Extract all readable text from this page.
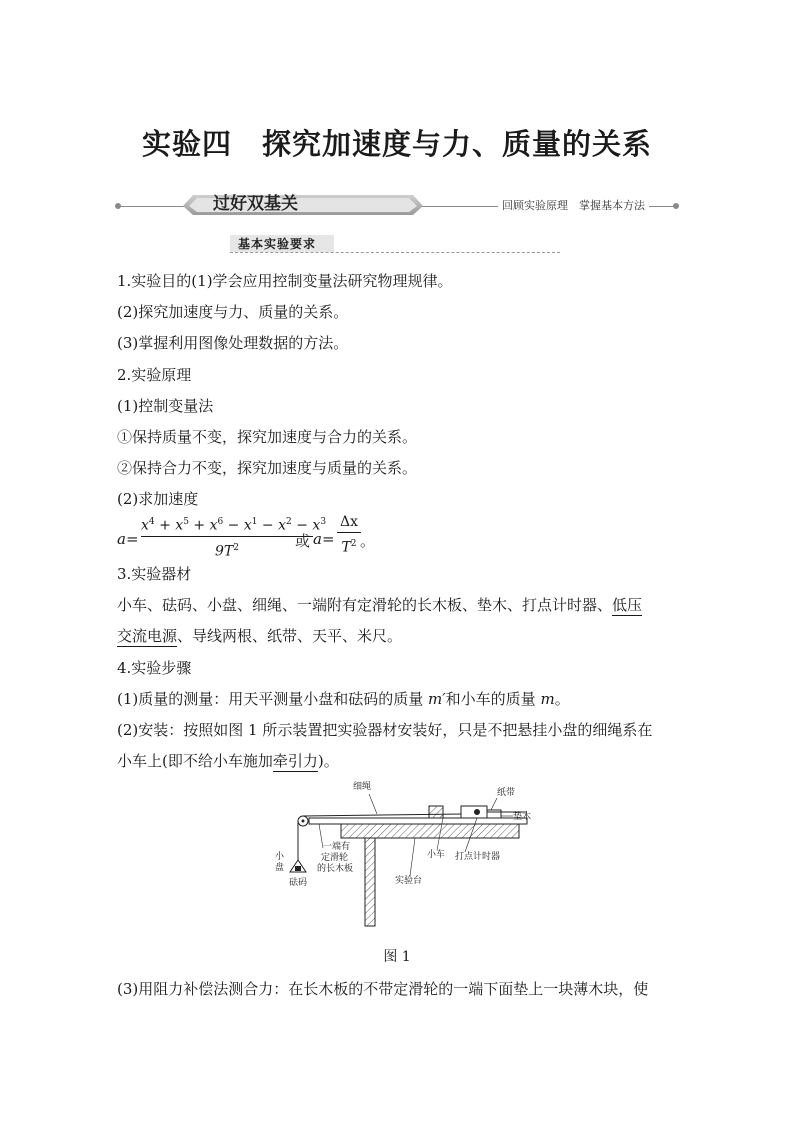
实验四 探究加速度与力、质量的关系
过好双基关	回顾实验原理　掌握基本方法
基本实验要求
1.实验目的(1)学会应用控制变量法研究物理规律。
(2)探究加速度与力、质量的关系。
(3)掌握利用图像处理数据的方法。
2.实验原理
(1)控制变量法
①保持质量不变，探究加速度与合力的关系。
②保持合力不变，探究加速度与质量的关系。
(2)求加速度
a =
$x^4 + x^5 + x^6 - x^1 - x^2 - x^3$
$9T^2$	或 a =
Δx
$T^2$ 。
3.实验器材
小车、砝码、小盘、细绳、一端附有定滑轮的长木板、垫木、打点计时器、低压
交流电源、导线两根、纸带、天平、米尺。
4.实验步骤
(1)质量的测量：用天平测量小盘和砝码的质量 m′和小车的质量 m。
(2)安装：按照如图 1 所示装置把实验器材安装好，只是不把悬挂小盘的细绳系在
小车上(即不给小车施加牵引力)。
细绳
纸带
垫木
小车 打点计时器
一端有
定滑轮
的长木板
小
盘
砝码	实验台
图 1
(3)用阻力补偿法测合力：在长木板的不带定滑轮的一端下面垫上一块薄木块，使
